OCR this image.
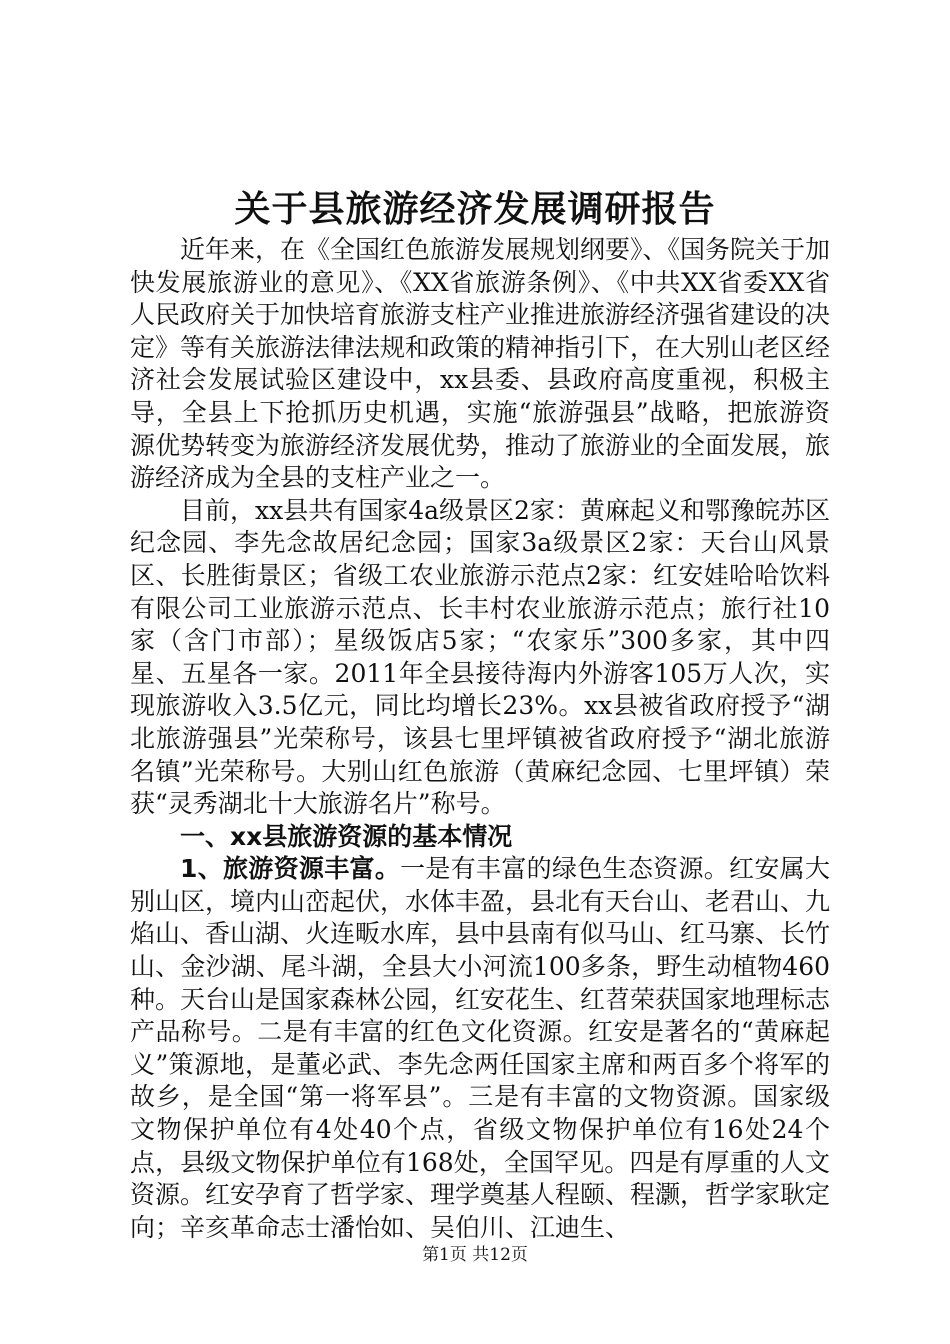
关于县旅游经济发展调研报告

近年来，在《全国红色旅游发展规划纲要》、《国务院关于加快发展旅游业的意见》、《XX省旅游条例》、《中共XX省委XX省人民政府关于加快培育旅游支柱产业推进旅游经济强省建设的决定》等有关旅游法律法规和政策的精神指引下，在大别山老区经济社会发展试验区建设中，xx县委、县政府高度重视，积极主导，全县上下抢抓历史机遇，实施“旅游强县”战略，把旅游资源优势转变为旅游经济发展优势，推动了旅游业的全面发展，旅游经济成为全县的支柱产业之一。

目前，xx县共有国家4a级景区2家：黄麻起义和鄂豫皖苏区纪念园、李先念故居纪念园；国家3a级景区2家：天台山风景区、长胜街景区；省级工农业旅游示范点2家：红安娃哈哈饮料有限公司工业旅游示范点、长丰村农业旅游示范点；旅行社10家（含门市部）；星级饭店5家；“农家乐”300多家，其中四星、五星各一家。2011年全县接待海内外游客105万人次，实现旅游收入3.5亿元，同比均增长23%。xx县被省政府授予“湖北旅游强县”光荣称号，该县七里坪镇被省政府授予“湖北旅游名镇”光荣称号。大别山红色旅游（黄麻纪念园、七里坪镇）荣获“灵秀湖北十大旅游名片”称号。

一、xx县旅游资源的基本情况

1、旅游资源丰富。一是有丰富的绿色生态资源。红安属大别山区，境内山峦起伏，水体丰盈，县北有天台山、老君山、九焰山、香山湖、火连畈水库，县中县南有似马山、红马寨、长竹山、金沙湖、尾斗湖，全县大小河流100多条，野生动植物460种。天台山是国家森林公园，红安花生、红苕荣获国家地理标志产品称号。二是有丰富的红色文化资源。红安是著名的“黄麻起义”策源地，是董必武、李先念两任国家主席和两百多个将军的故乡，是全国“第一将军县”。三是有丰富的文物资源。国家级文物保护单位有4处40个点，省级文物保护单位有16处24个点，县级文物保护单位有168处，全国罕见。四是有厚重的人文资源。红安孕育了哲学家、理学奠基人程颐、程灏，哲学家耿定向；辛亥革命志士潘怡如、吴伯川、江迪生、

第1页 共12页
